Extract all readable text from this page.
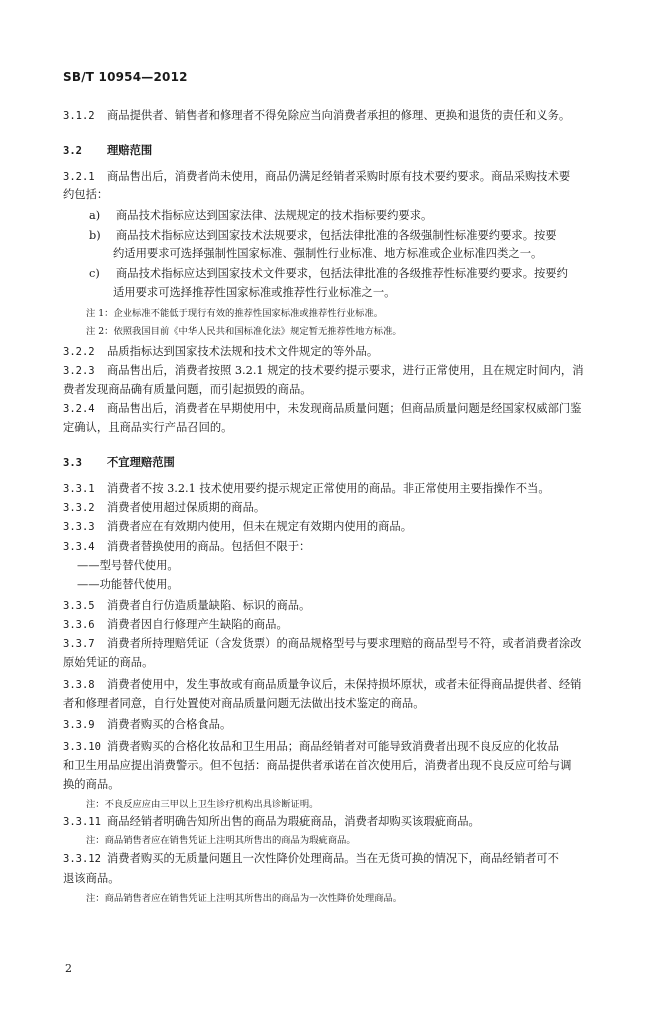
SB/T 10954—2012
3.1.2 商品提供者、销售者和修理者不得免除应当向消费者承担的修理、更换和退货的责任和义务。
3.2 理赔范围
3.2.1 商品售出后，消费者尚未使用，商品仍满足经销者采购时原有技术要约要求。商品采购技术要
约包括：
a) 商品技术指标应达到国家法律、法规规定的技术指标要约要求。
b) 商品技术指标应达到国家技术法规要求，包括法律批准的各级强制性标准要约要求。按要
约适用要求可选择强制性国家标准、强制性行业标准、地方标准或企业标准四类之一。
c) 商品技术指标应达到国家技术文件要求，包括法律批准的各级推荐性标准要约要求。按要约
适用要求可选择推荐性国家标准或推荐性行业标准之一。
注 1：企业标准不能低于现行有效的推荐性国家标准或推荐性行业标准。
注 2：依照我国目前《中华人民共和国标准化法》规定暂无推荐性地方标准。
3.2.2 品质指标达到国家技术法规和技术文件规定的等外品。
3.2.3 商品售出后，消费者按照 3.2.1 规定的技术要约提示要求，进行正常使用，且在规定时间内，消
费者发现商品确有质量问题，而引起损毁的商品。
3.2.4 商品售出后，消费者在早期使用中，未发现商品质量问题；但商品质量问题是经国家权威部门鉴
定确认，且商品实行产品召回的。
3.3 不宜理赔范围
3.3.1 消费者不按 3.2.1 技术使用要约提示规定正常使用的商品。非正常使用主要指操作不当。
3.3.2 消费者使用超过保质期的商品。
3.3.3 消费者应在有效期内使用，但未在规定有效期内使用的商品。
3.3.4 消费者替换使用的商品。包括但不限于：
——型号替代使用。
——功能替代使用。
3.3.5 消费者自行仿造质量缺陷、标识的商品。
3.3.6 消费者因自行修理产生缺陷的商品。
3.3.7 消费者所持理赔凭证（含发货票）的商品规格型号与要求理赔的商品型号不符，或者消费者涂改
原始凭证的商品。
3.3.8 消费者使用中，发生事故或有商品质量争议后，未保持损坏原状，或者未征得商品提供者、经销
者和修理者同意，自行处置使对商品质量问题无法做出技术鉴定的商品。
3.3.9 消费者购买的合格食品。
3.3.10 消费者购买的合格化妆品和卫生用品；商品经销者对可能导致消费者出现不良反应的化妆品
和卫生用品应提出消费警示。但不包括：商品提供者承诺在首次使用后，消费者出现不良反应可给与调
换的商品。
注：不良反应应由三甲以上卫生诊疗机构出具诊断证明。
3.3.11 商品经销者明确告知所出售的商品为瑕疵商品，消费者却购买该瑕疵商品。
注：商品销售者应在销售凭证上注明其所售出的商品为瑕疵商品。
3.3.12 消费者购买的无质量问题且一次性降价处理商品。当在无货可换的情况下，商品经销者可不
退该商品。
注：商品销售者应在销售凭证上注明其所售出的商品为一次性降价处理商品。
2
